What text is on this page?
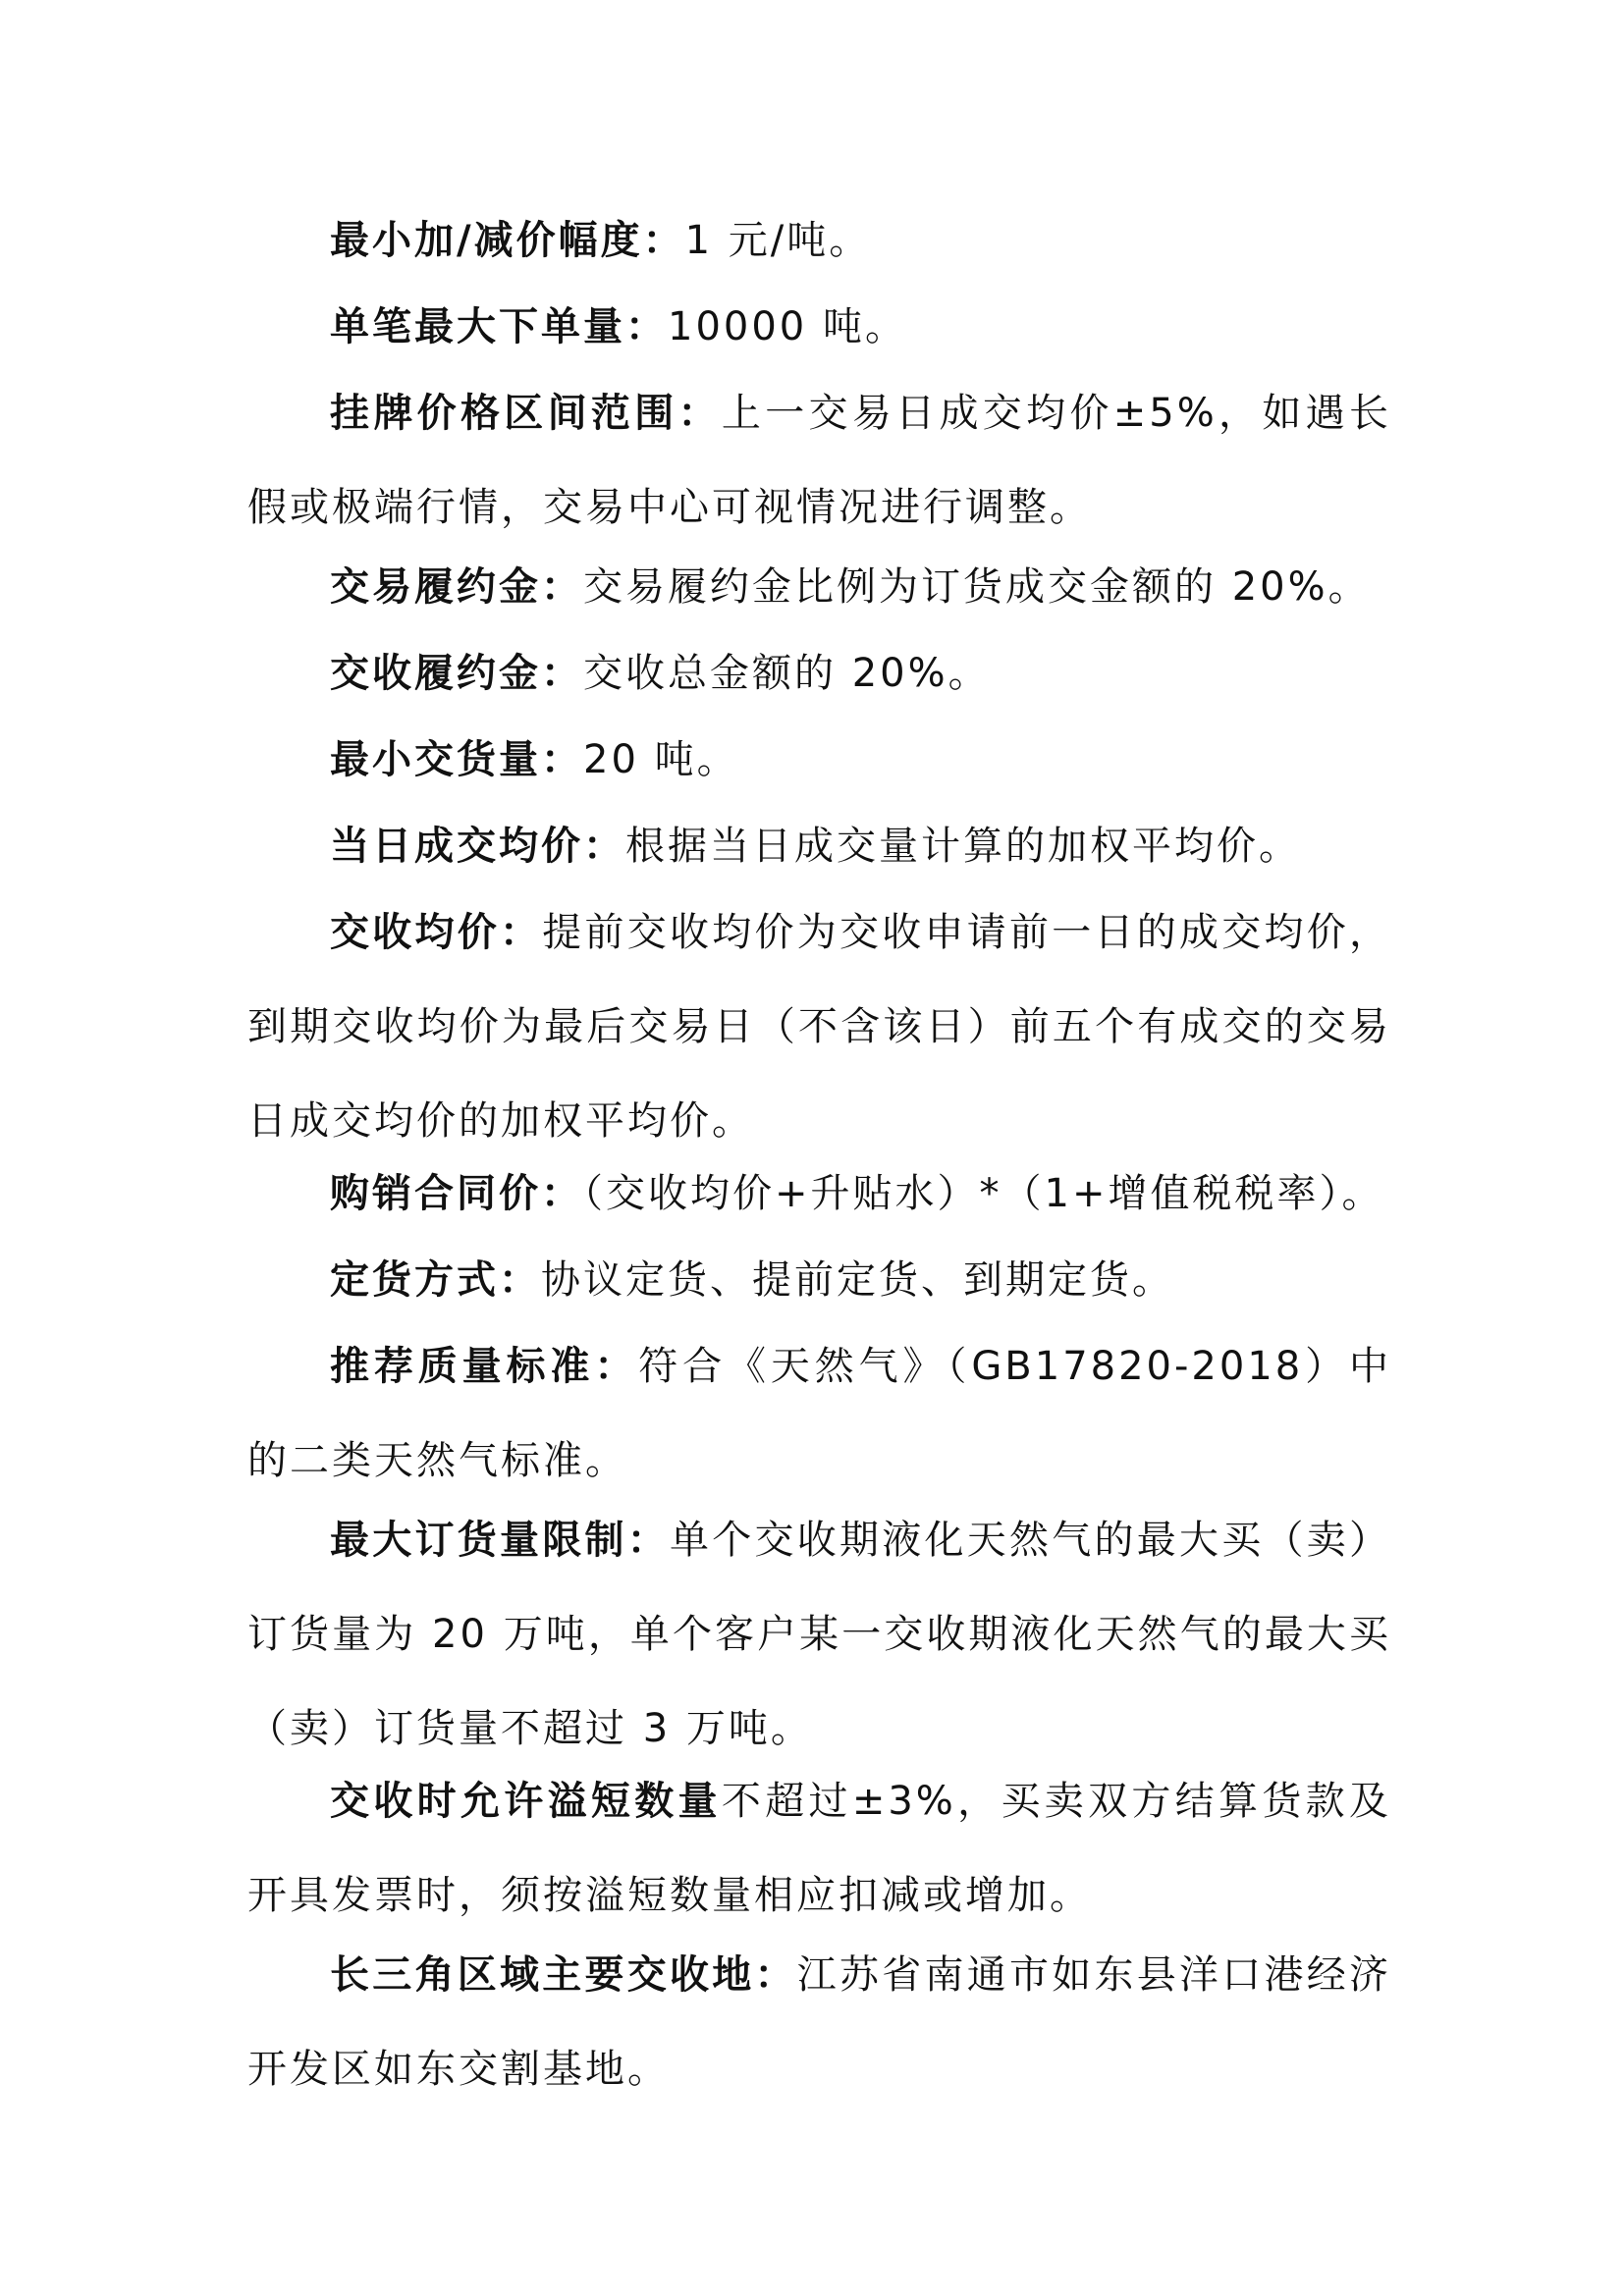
最小加/减价幅度：1 元/吨。

单笔最大下单量：10000 吨。

挂牌价格区间范围：上一交易日成交均价±5%，如遇长假或极端行情，交易中心可视情况进行调整。

交易履约金：交易履约金比例为订货成交金额的 20%。

交收履约金：交收总金额的 20%。

最小交货量：20 吨。

当日成交均价：根据当日成交量计算的加权平均价。

交收均价：提前交收均价为交收申请前一日的成交均价，到期交收均价为最后交易日（不含该日）前五个有成交的交易日成交均价的加权平均价。

购销合同价：（交收均价+升贴水）*（1+增值税税率）。

定货方式：协议定货、提前定货、到期定货。

推荐质量标准：符合《天然气》（GB17820-2018）中的二类天然气标准。

最大订货量限制：单个交收期液化天然气的最大买（卖）订货量为 20 万吨，单个客户某一交收期液化天然气的最大买（卖）订货量不超过 3 万吨。

交收时允许溢短数量不超过±3%，买卖双方结算货款及开具发票时，须按溢短数量相应扣减或增加。

长三角区域主要交收地：江苏省南通市如东县洋口港经济开发区如东交割基地。
